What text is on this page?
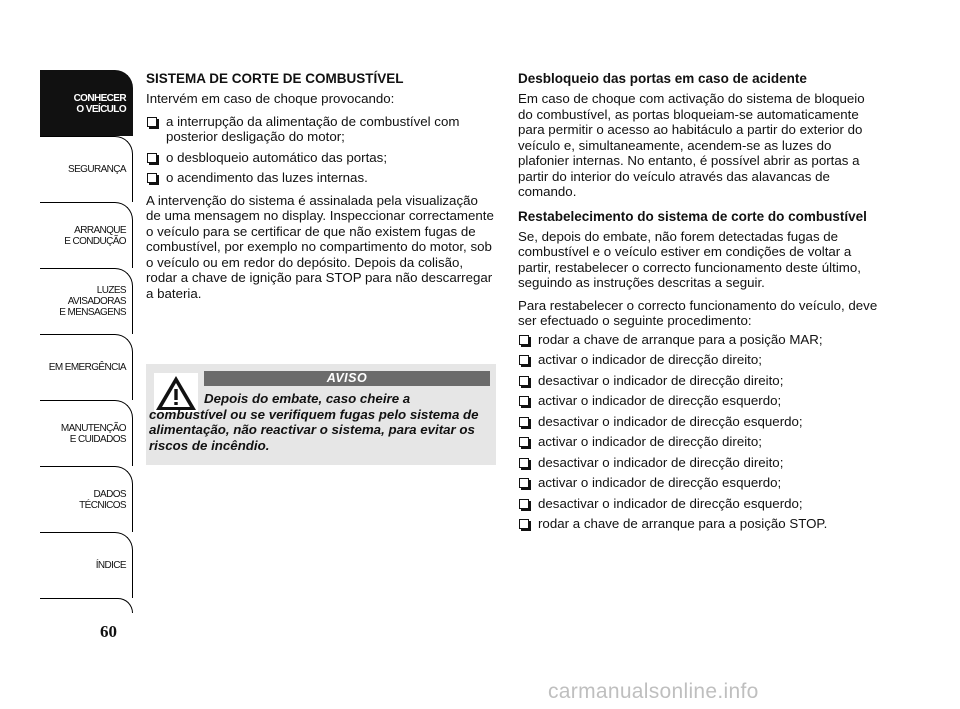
CONHECER
O VEÍCULO
SEGURANÇA
ARRANQUE
E CONDUÇÃO
LUZES
AVISADORAS
E MENSAGENS
EM EMERGÊNCIA
MANUTENÇÃO
E CUIDADOS
DADOS
TÉCNICOS
ÍNDICE
60
SISTEMA DE CORTE DE COMBUSTÍVEL

Intervém em caso de choque provocando:

a interrupção da alimentação de combustível com posterior desligação do motor;
o desbloqueio automático das portas;
o acendimento das luzes internas.

A intervenção do sistema é assinalada pela visualização de uma mensagem no display. Inspeccionar correctamente o veículo para se certificar de que não existem fugas de combustível, por exemplo no compartimento do motor, sob o veículo ou em redor do depósito. Depois da colisão, rodar a chave de ignição para STOP para não descarregar a bateria.

AVISO
Depois do embate, caso cheire a combustível ou se verifiquem fugas pelo sistema de alimentação, não reactivar o sistema, para evitar os riscos de incêndio.
Desbloqueio das portas em caso de acidente

Em caso de choque com activação do sistema de bloqueio do combustível, as portas bloqueiam-se automaticamente para permitir o acesso ao habitáculo a partir do exterior do veículo e, simultaneamente, acendem-se as luzes do plafonier internas. No entanto, é possível abrir as portas a partir do interior do veículo através das alavancas de comando.

Restabelecimento do sistema de corte do combustível

Se, depois do embate, não forem detectadas fugas de combustível e o veículo estiver em condições de voltar a partir, restabelecer o correcto funcionamento deste último, seguindo as instruções descritas a seguir.

Para restabelecer o correcto funcionamento do veículo, deve ser efectuado o seguinte procedimento:

rodar a chave de arranque para a posição MAR;
activar o indicador de direcção direito;
desactivar o indicador de direcção direito;
activar o indicador de direcção esquerdo;
desactivar o indicador de direcção esquerdo;
activar o indicador de direcção direito;
desactivar o indicador de direcção direito;
activar o indicador de direcção esquerdo;
desactivar o indicador de direcção esquerdo;
rodar a chave de arranque para a posição STOP.
carmanualsonline.info
